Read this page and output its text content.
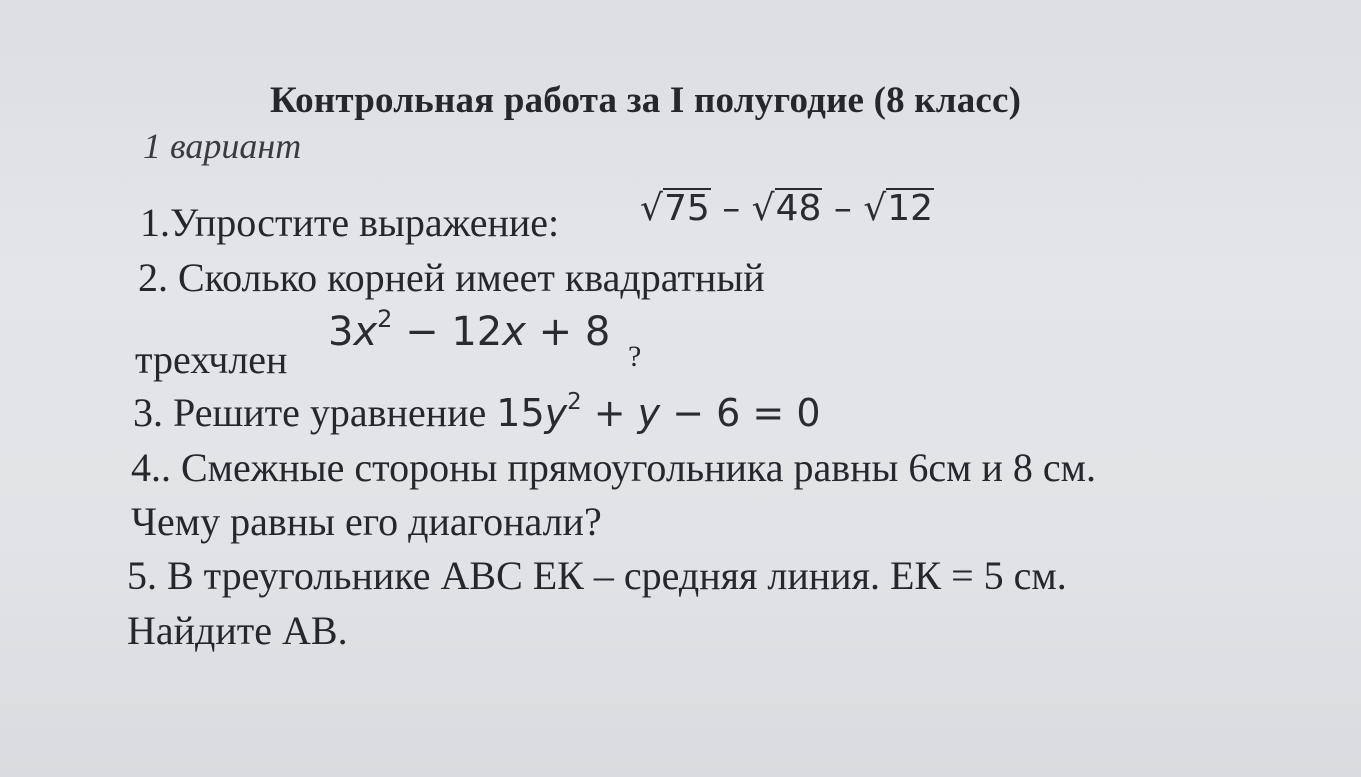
Контрольная работа за I полугодие (8 класс)
1 вариант
1.Упростите выражение: √75 – √48 – √12
2. Сколько корней имеет квадратный
трехчлен
$3x^2 - 12x + 8$
?
3. Решите уравнение $15y^2 + y - 6 = 0$
4.. Смежные стороны прямоугольника равны 6см и 8 см.
Чему равны его диагонали?
5. В треугольнике АВС ЕК – средняя линия. ЕК = 5 см.
Найдите АВ.
